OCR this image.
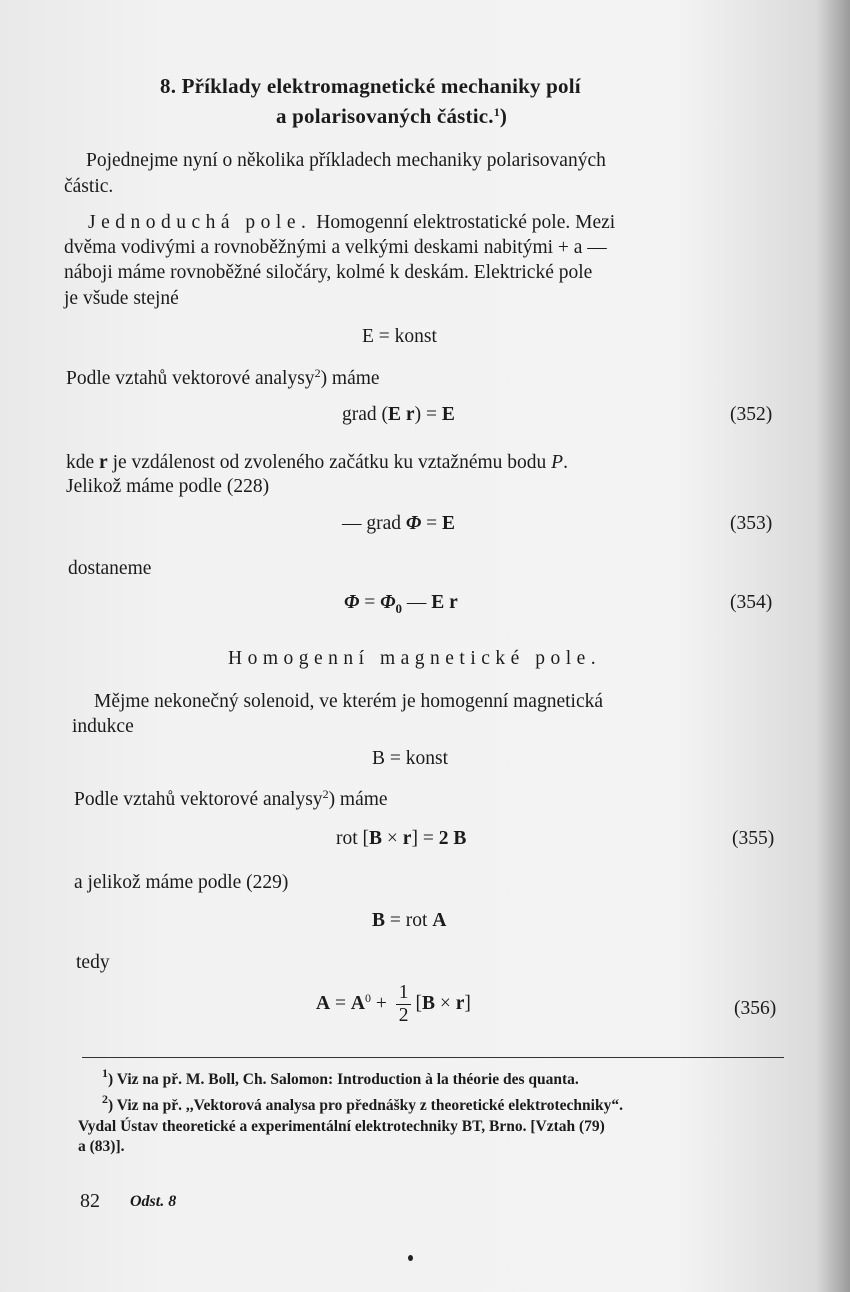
8. Příklady elektromagnetické mechaniky polí
a polarisovaných částic.$^1$)
Pojednejme nyní o několika příkladech mechaniky polarisovaných
částic.
Jednoduchá pole. Homogenní elektrostatické pole. Mezi
dvěma vodivými a rovnoběžnými a velkými deskami nabitými + a —
náboji máme rovnoběžné siločáry, kolmé k deskám. Elektrické pole
je všude stejné
E = konst
Podle vztahů vektorové analysy$^2$) máme
grad (E r) = E	(352)
kde r je vzdálenost od zvoleného začátku ku vztažnému bodu P.
Jelikož máme podle (228)
— grad Φ = E	(353)
dostaneme
$\Phi = \Phi_0$ — E r	(354)
Homogenní magnetické pole.
Mějme nekonečný solenoid, ve kterém je homogenní magnetická
indukce
B = konst
Podle vztahů vektorové analysy$^2$) máme
rot [B × r] = 2 B	(355)
a jelikož máme podle (229)
B = rot A
tedy
$A = A^0 + \frac{1}{2} [B \times r]$	(356)
$^1$) Viz na př. M. Boll, Ch. Salomon: Introduction à la théorie des quanta.
$^2$) Viz na př. ,,Vektorová analysa pro přednášky z theoretické elektrotechniky“.
Vydal Ústav theoretické a experimentální elektrotechniky BT, Brno. [Vztah (79)
a (83)].
82 Odst. 8
